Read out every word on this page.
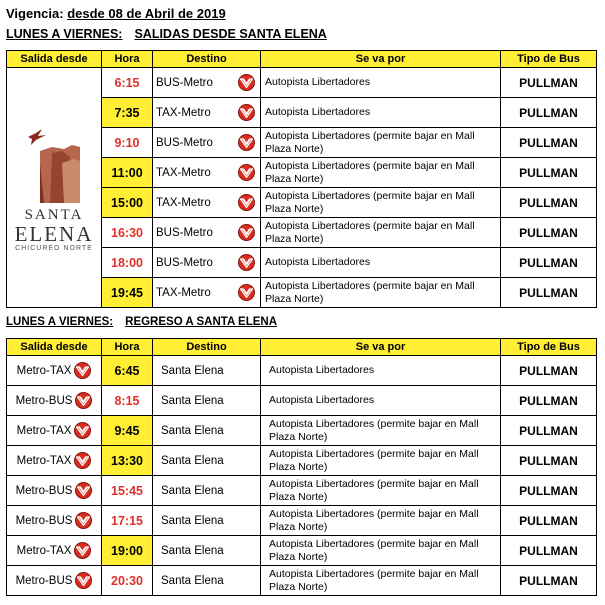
Vigencia: desde 08 de Abril de 2019
LUNES A VIERNES: SALIDAS DESDE SANTA ELENA
Salida desde	Hora	Destino	Se va por	Tipo de Bus

SANTA
ELENA
CHICUREO NORTE	6:15	BUS-Metro	Autopista Libertadores	PULLMAN
	7:35	TAX-Metro	Autopista Libertadores	PULLMAN
	9:10	BUS-Metro	Autopista Libertadores (permite bajar en Mall Plaza Norte)	PULLMAN
	11:00	TAX-Metro	Autopista Libertadores (permite bajar en Mall Plaza Norte)	PULLMAN
	15:00	TAX-Metro	Autopista Libertadores (permite bajar en Mall Plaza Norte)	PULLMAN
	16:30	BUS-Metro	Autopista Libertadores (permite bajar en Mall Plaza Norte)	PULLMAN
	18:00	BUS-Metro	Autopista Libertadores	PULLMAN
	19:45	TAX-Metro	Autopista Libertadores (permite bajar en Mall Plaza Norte)	PULLMAN
LUNES A VIERNES: REGRESO A SANTA ELENA
Salida desde	Hora	Destino	Se va por	Tipo de Bus

Metro-TAX	6:45	Santa Elena	Autopista Libertadores	PULLMAN

Metro-BUS	8:15	Santa Elena	Autopista Libertadores	PULLMAN

Metro-TAX	9:45	Santa Elena	Autopista Libertadores (permite bajar en Mall Plaza Norte)	PULLMAN

Metro-TAX	13:30	Santa Elena	Autopista Libertadores (permite bajar en Mall Plaza Norte)	PULLMAN

Metro-BUS	15:45	Santa Elena	Autopista Libertadores (permite bajar en Mall Plaza Norte)	PULLMAN

Metro-BUS	17:15	Santa Elena	Autopista Libertadores (permite bajar en Mall Plaza Norte)	PULLMAN

Metro-TAX	19:00	Santa Elena	Autopista Libertadores (permite bajar en Mall Plaza Norte)	PULLMAN

Metro-BUS	20:30	Santa Elena	Autopista Libertadores (permite bajar en Mall Plaza Norte)	PULLMAN
